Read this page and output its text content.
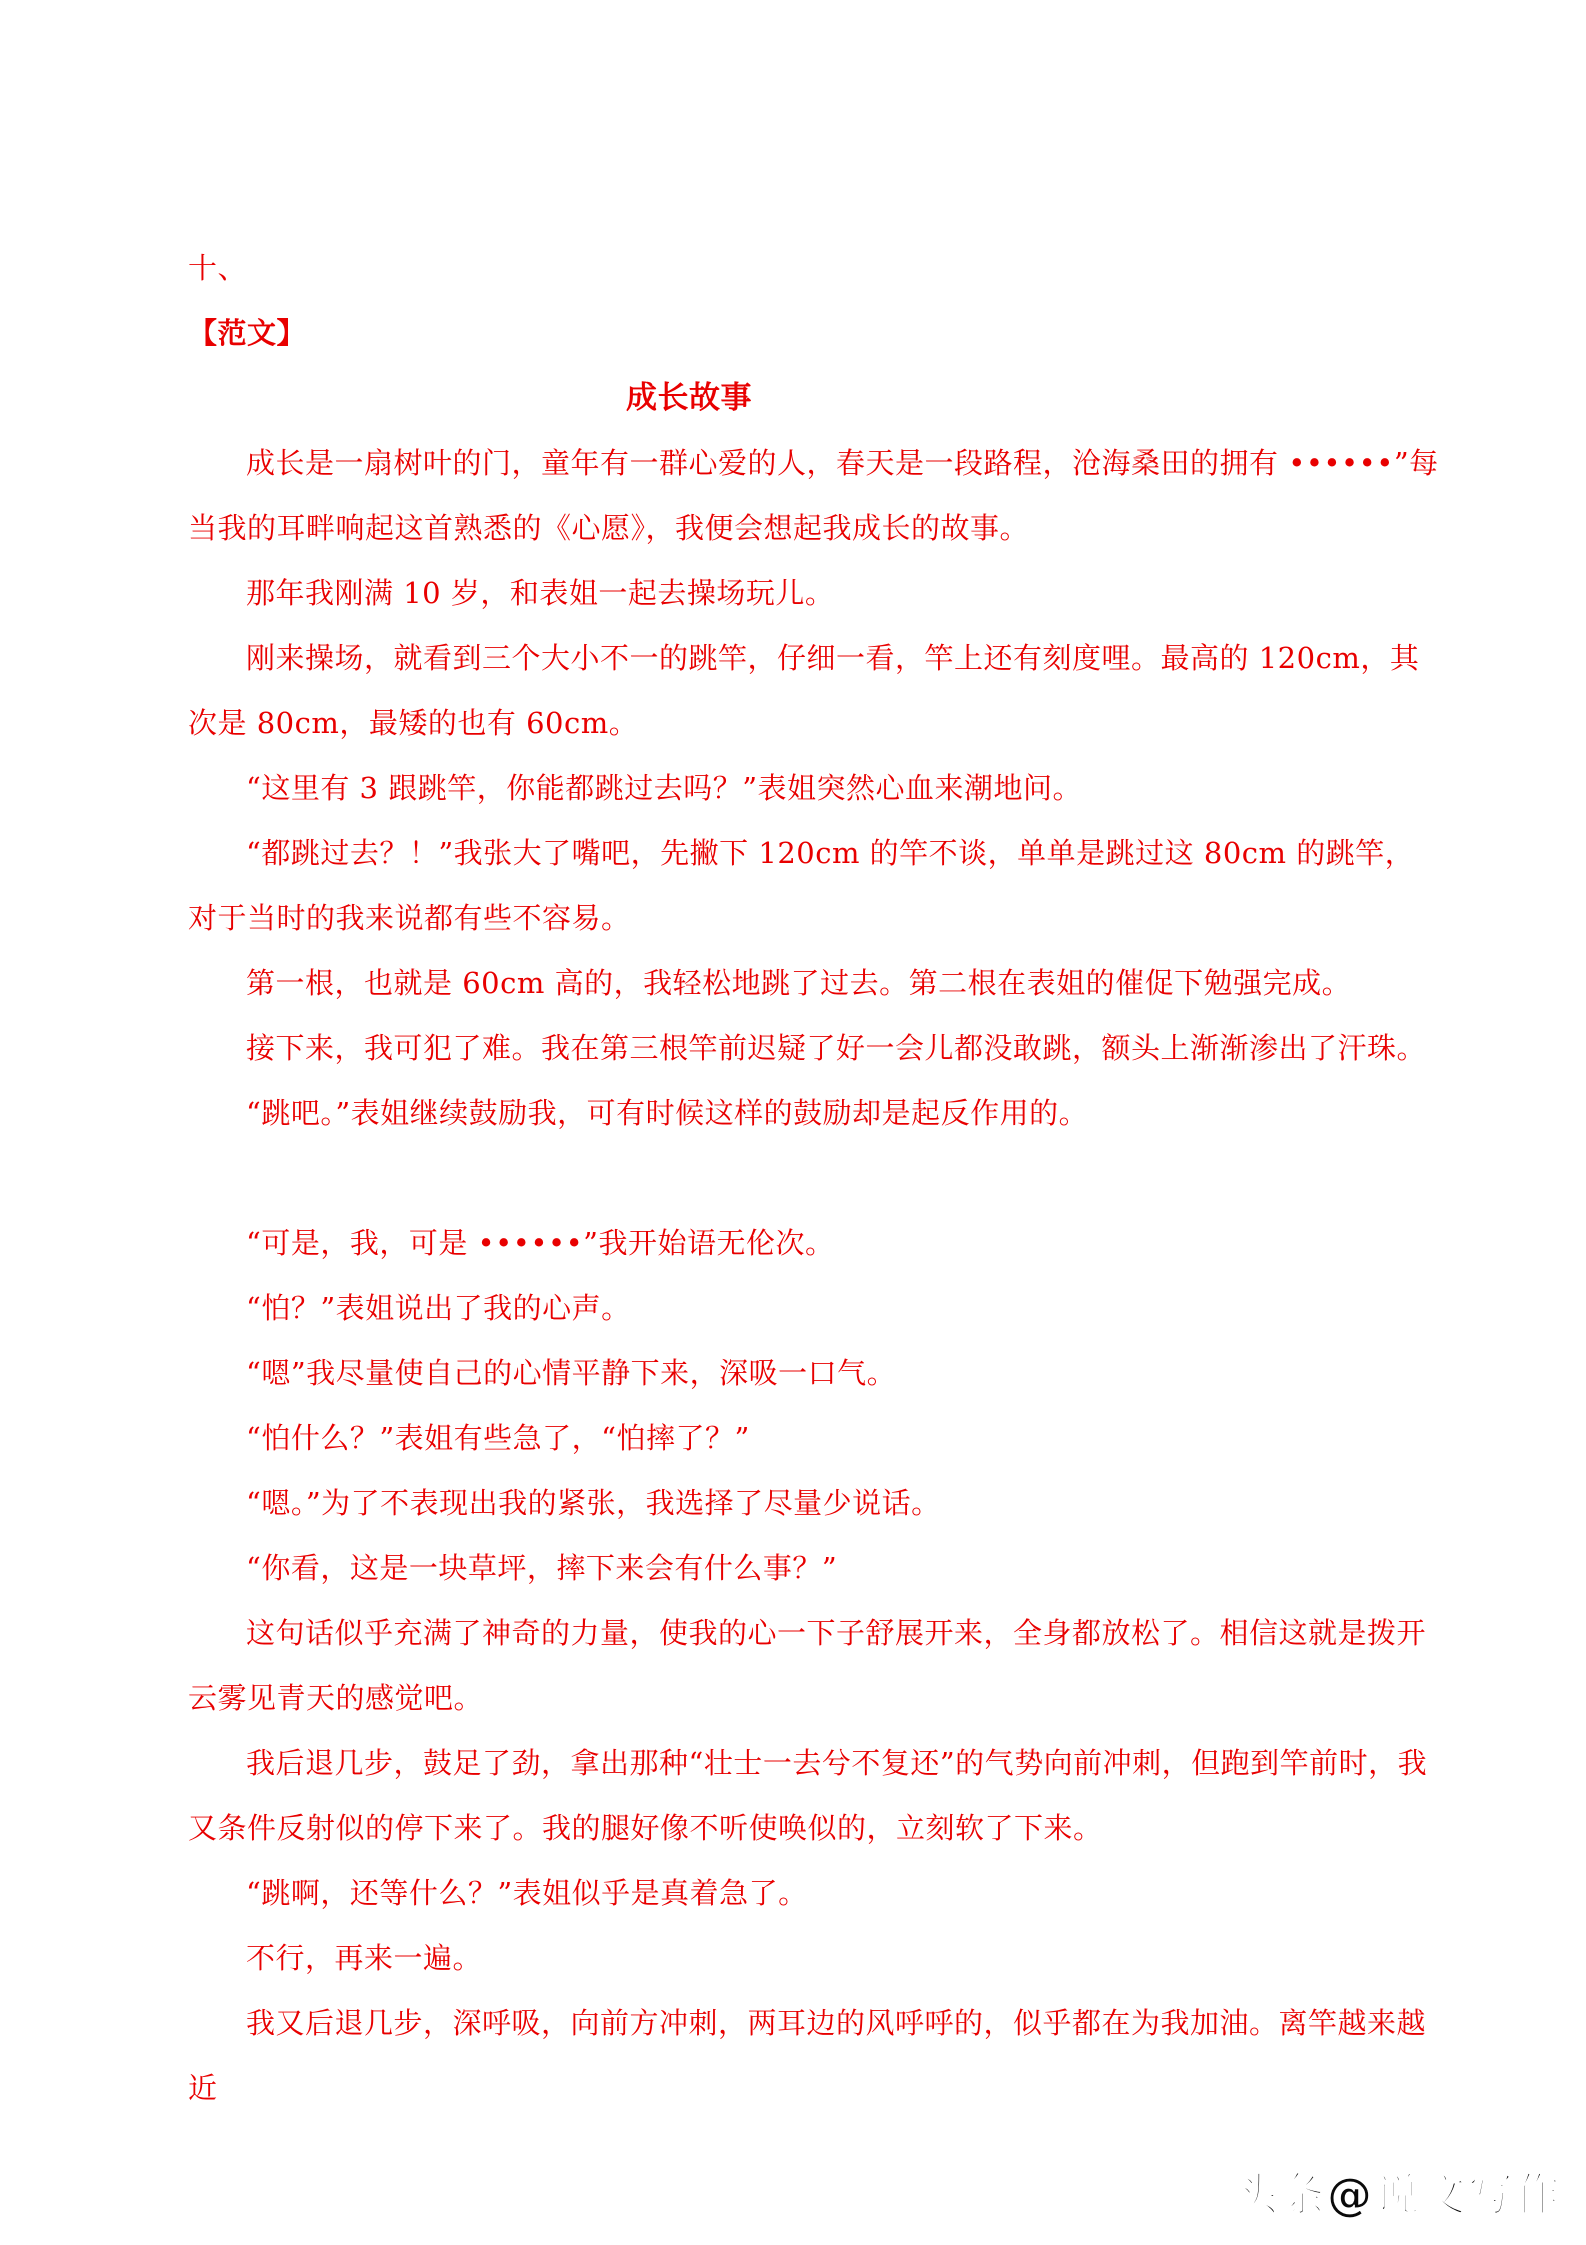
十、

【范文】

成长故事

成长是一扇树叶的门，童年有一群心爱的人，春天是一段路程，沧海桑田的拥有 ••••••”每当我的耳畔响起这首熟悉的《心愿》，我便会想起我成长的故事。

那年我刚满 10 岁，和表姐一起去操场玩儿。

刚来操场，就看到三个大小不一的跳竿，仔细一看，竿上还有刻度哩。最高的 120cm，其次是 80cm，最矮的也有 60cm。

“这里有 3 跟跳竿，你能都跳过去吗？”表姐突然心血来潮地问。

“都跳过去？！”我张大了嘴吧，先撇下 120cm 的竿不谈，单单是跳过这 80cm 的跳竿，对于当时的我来说都有些不容易。

第一根，也就是 60cm 高的，我轻松地跳了过去。第二根在表姐的催促下勉强完成。

接下来，我可犯了难。我在第三根竿前迟疑了好一会儿都没敢跳，额头上渐渐渗出了汗珠。

“跳吧。”表姐继续鼓励我，可有时候这样的鼓励却是起反作用的。

“可是，我，可是 ••••••”我开始语无伦次。

“怕？”表姐说出了我的心声。

“嗯”我尽量使自己的心情平静下来，深吸一口气。

“怕什么？”表姐有些急了，“怕摔了？”

“嗯。”为了不表现出我的紧张，我选择了尽量少说话。

“你看，这是一块草坪，摔下来会有什么事？”

这句话似乎充满了神奇的力量，使我的心一下子舒展开来，全身都放松了。相信这就是拨开云雾见青天的感觉吧。

我后退几步，鼓足了劲，拿出那种“壮士一去兮不复还”的气势向前冲刺，但跑到竿前时，我又条件反射似的停下来了。我的腿好像不听使唤似的，立刻软了下来。

“跳啊，还等什么？”表姐似乎是真着急了。

不行，再来一遍。

我又后退几步，深呼吸，向前方冲刺，两耳边的风呼呼的，似乎都在为我加油。离竿越来越近

头条@说文写作
